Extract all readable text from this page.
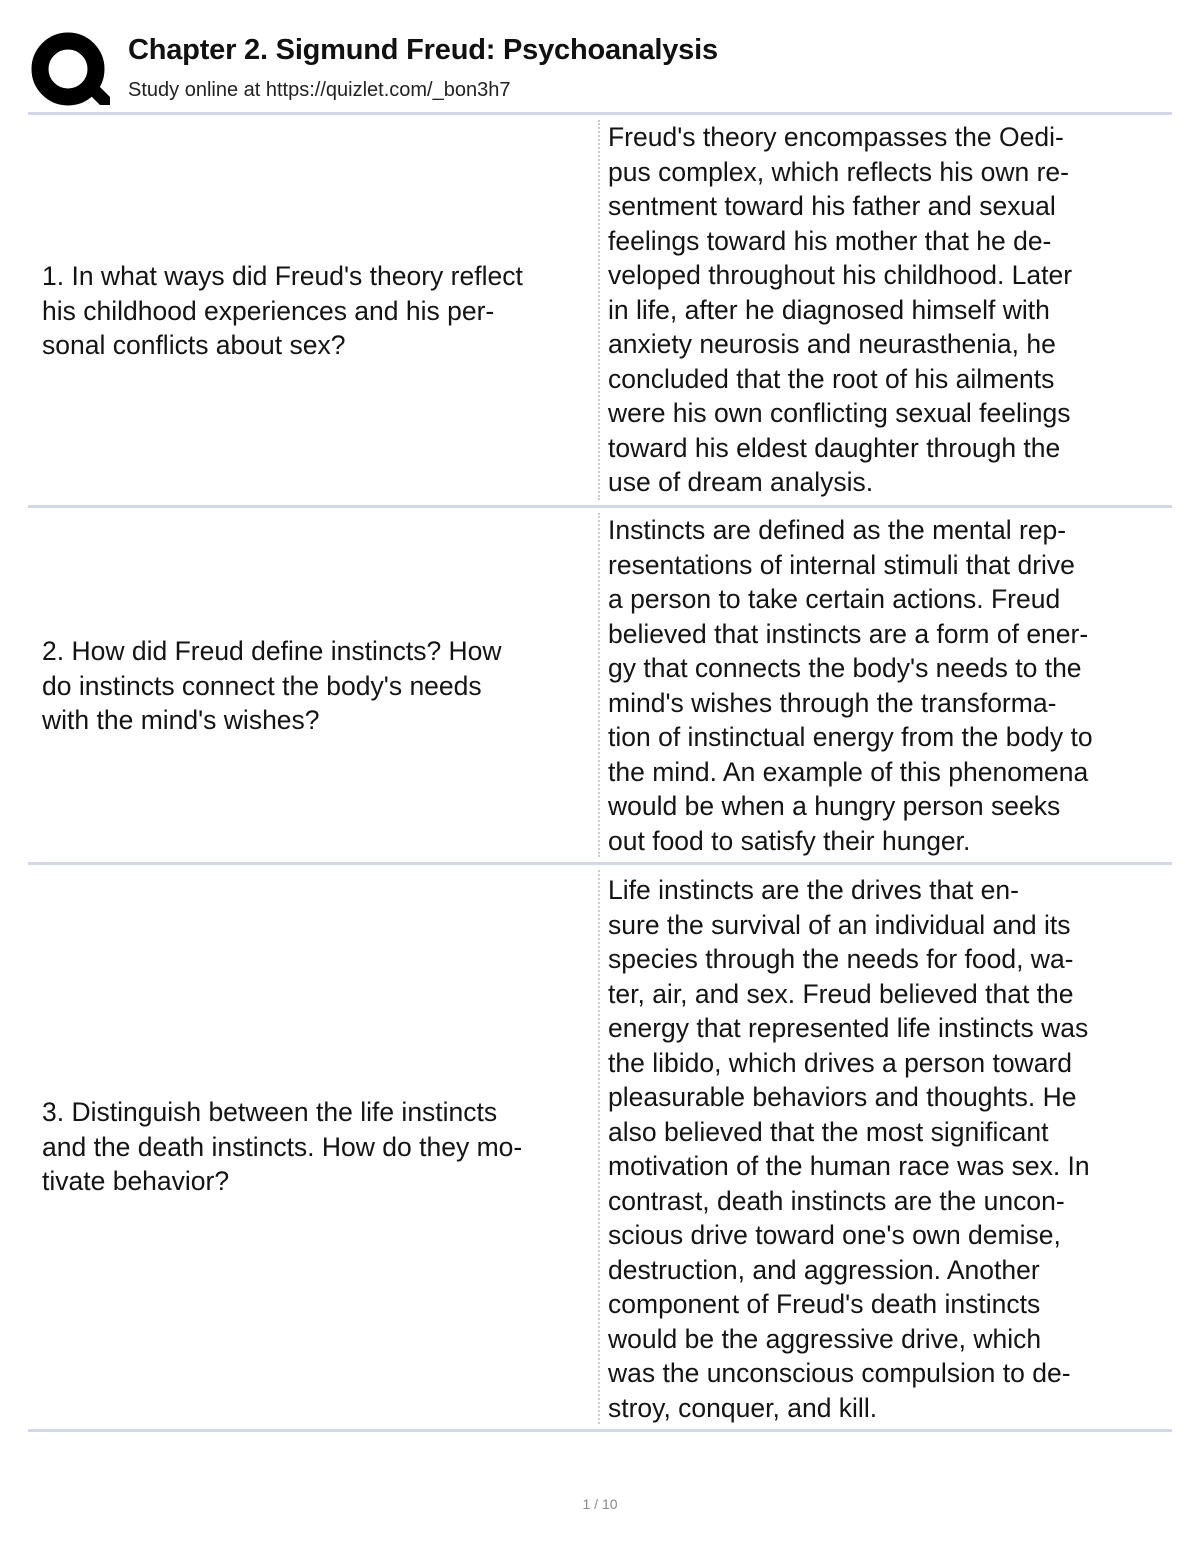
Chapter 2. Sigmund Freud: Psychoanalysis
Study online at https://quizlet.com/_bon3h7
1. In what ways did Freud's theory reflect
his childhood experiences and his per-
sonal conflicts about sex?
Freud's theory encompasses the Oedi-
pus complex, which reflects his own re-
sentment toward his father and sexual
feelings toward his mother that he de-
veloped throughout his childhood. Later
in life, after he diagnosed himself with
anxiety neurosis and neurasthenia, he
concluded that the root of his ailments
were his own conflicting sexual feelings
toward his eldest daughter through the
use of dream analysis.
2. How did Freud define instincts? How
do instincts connect the body's needs
with the mind's wishes?
Instincts are defined as the mental rep-
resentations of internal stimuli that drive
a person to take certain actions. Freud
believed that instincts are a form of ener-
gy that connects the body's needs to the
mind's wishes through the transforma-
tion of instinctual energy from the body to
the mind. An example of this phenomena
would be when a hungry person seeks
out food to satisfy their hunger.
3. Distinguish between the life instincts
and the death instincts. How do they mo-
tivate behavior?
Life instincts are the drives that en-
sure the survival of an individual and its
species through the needs for food, wa-
ter, air, and sex. Freud believed that the
energy that represented life instincts was
the libido, which drives a person toward
pleasurable behaviors and thoughts. He
also believed that the most significant
motivation of the human race was sex. In
contrast, death instincts are the uncon-
scious drive toward one's own demise,
destruction, and aggression. Another
component of Freud's death instincts
would be the aggressive drive, which
was the unconscious compulsion to de-
stroy, conquer, and kill.
1 / 10
